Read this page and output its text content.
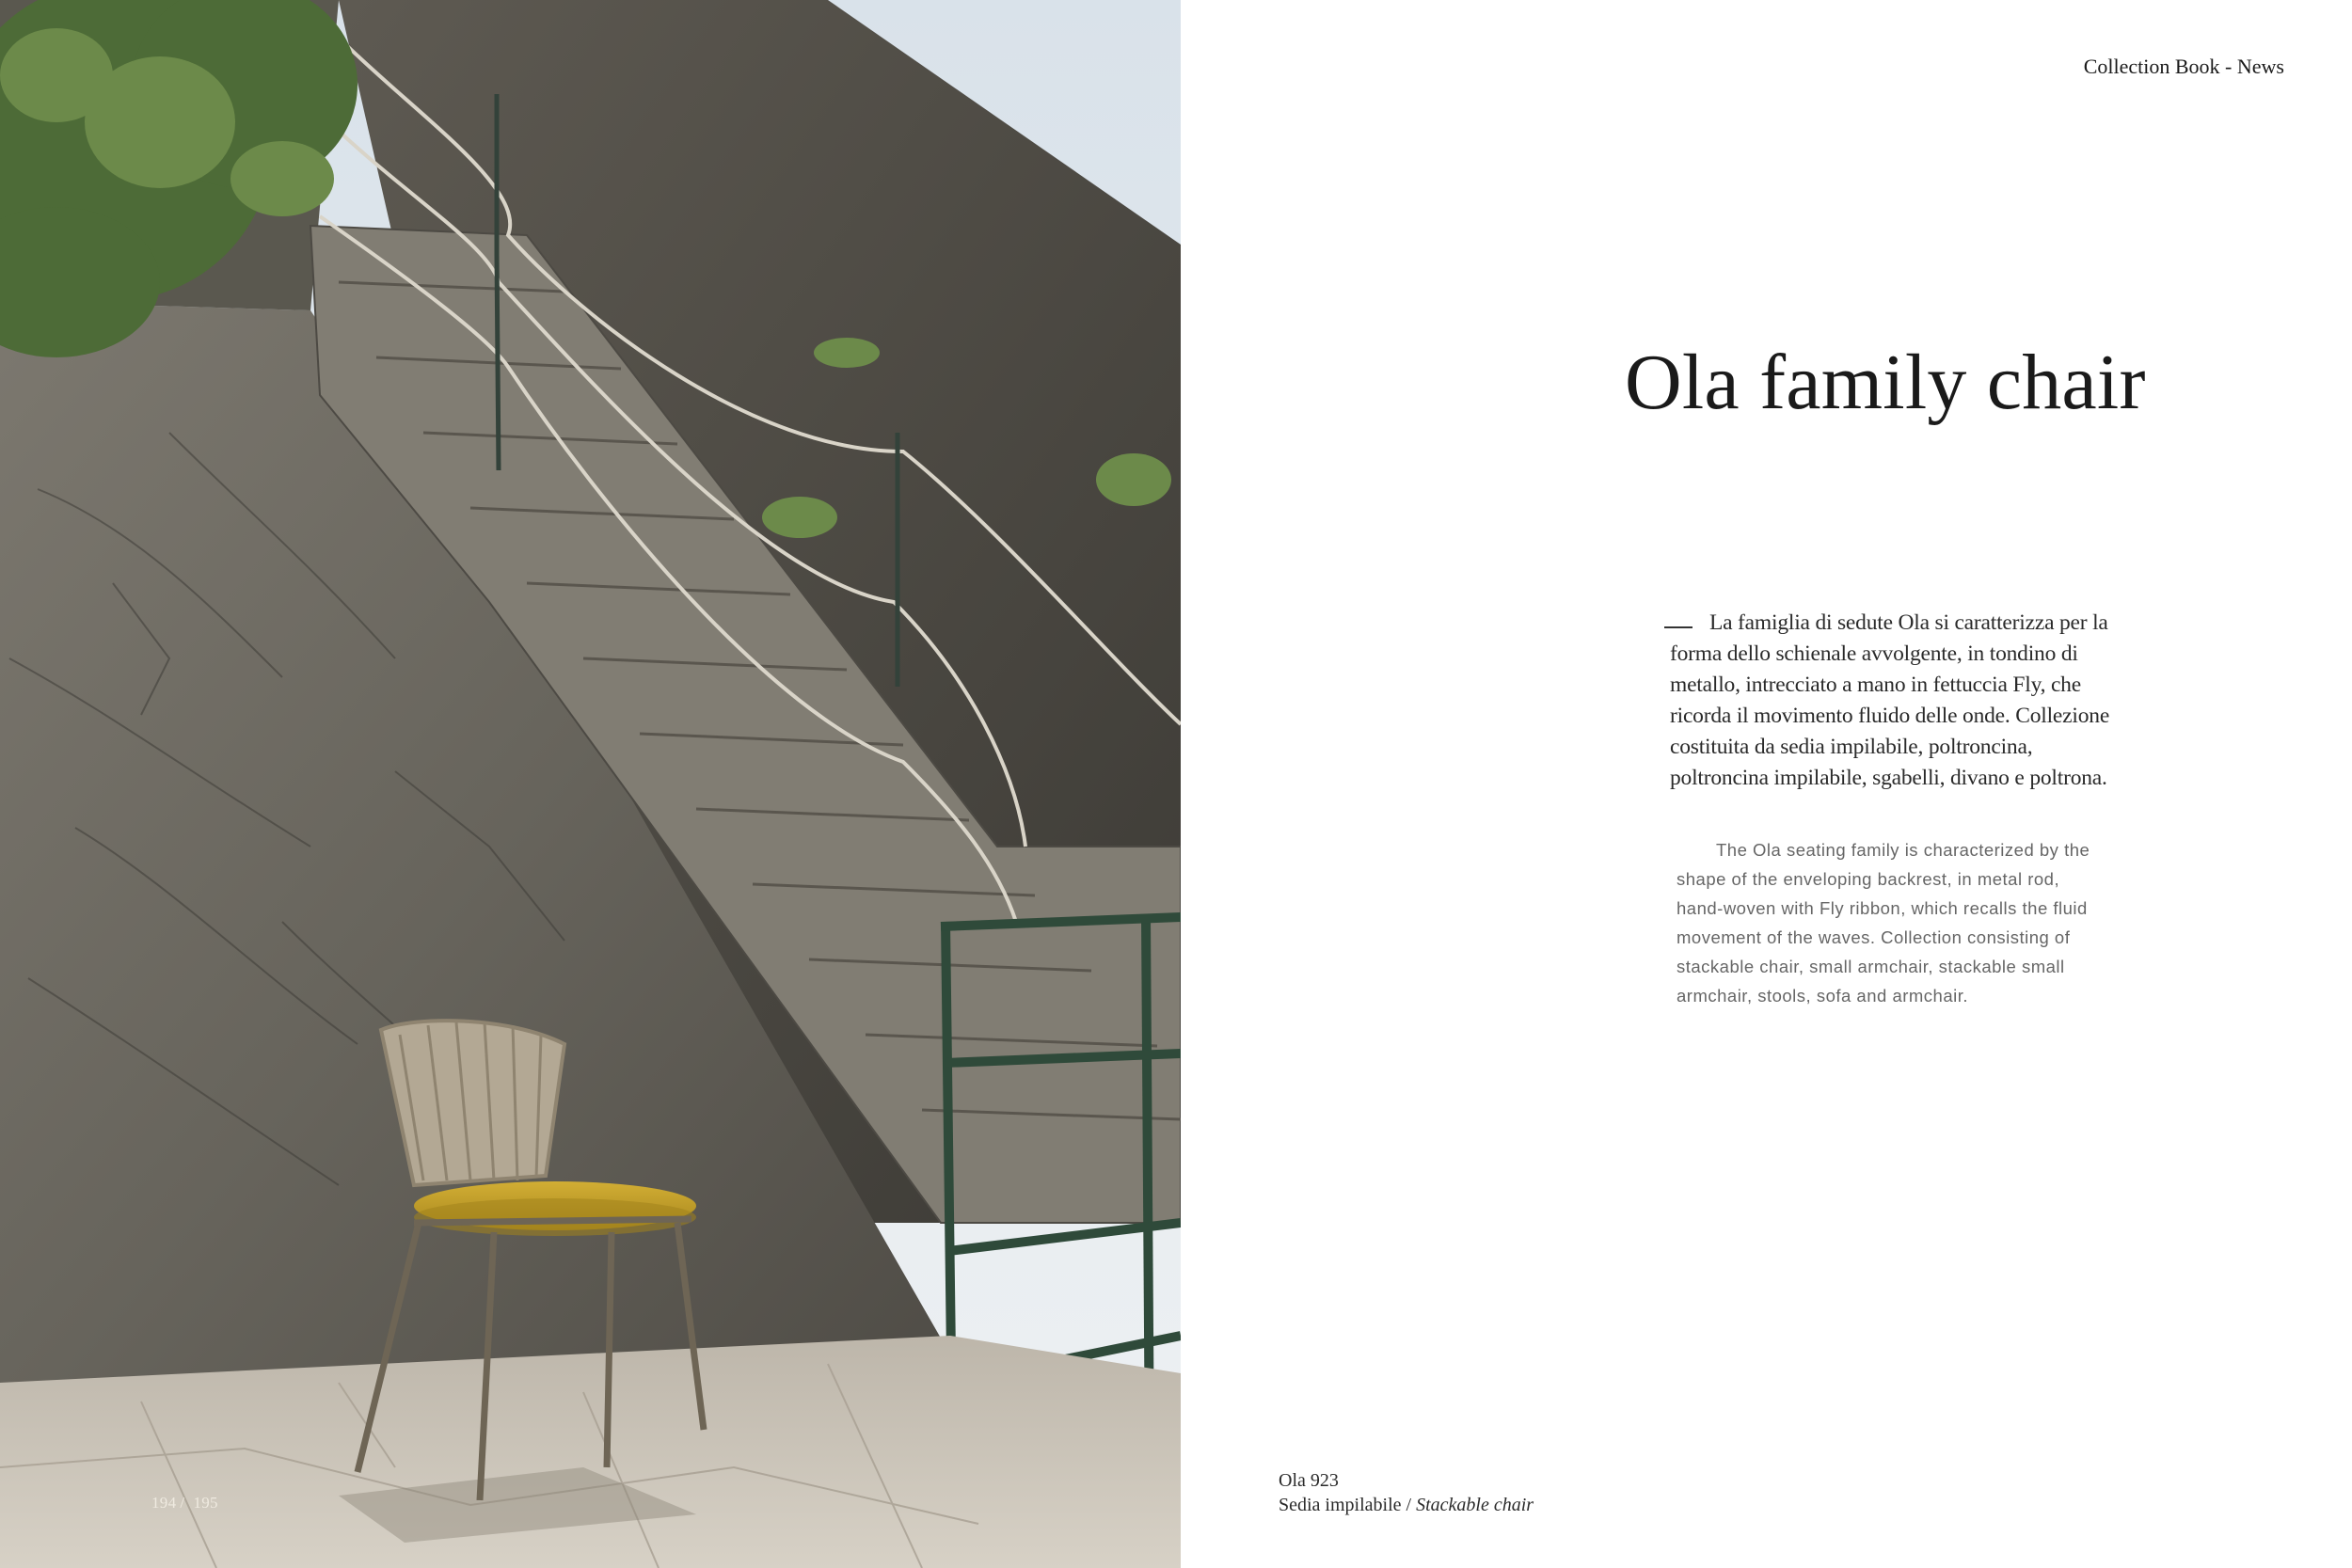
194 / 195
Collection Book - News
Ola family chair

La famiglia di sedute Ola si caratterizza per la forma dello schienale avvolgente, in tondino di metallo, intrecciato a mano in fettuccia Fly, che ricorda il movimento fluido delle onde. Collezione costituita da sedia impilabile, poltroncina, poltroncina impilabile, sgabelli, divano e poltrona.

The Ola seating family is characterized by the shape of the enveloping backrest, in metal rod, hand-woven with Fly ribbon, which recalls the fluid movement of the waves. Collection consisting of stackable chair, small armchair, stackable small armchair, stools, sofa and armchair.

Ola 923
Sedia impilabile / Stackable chair
